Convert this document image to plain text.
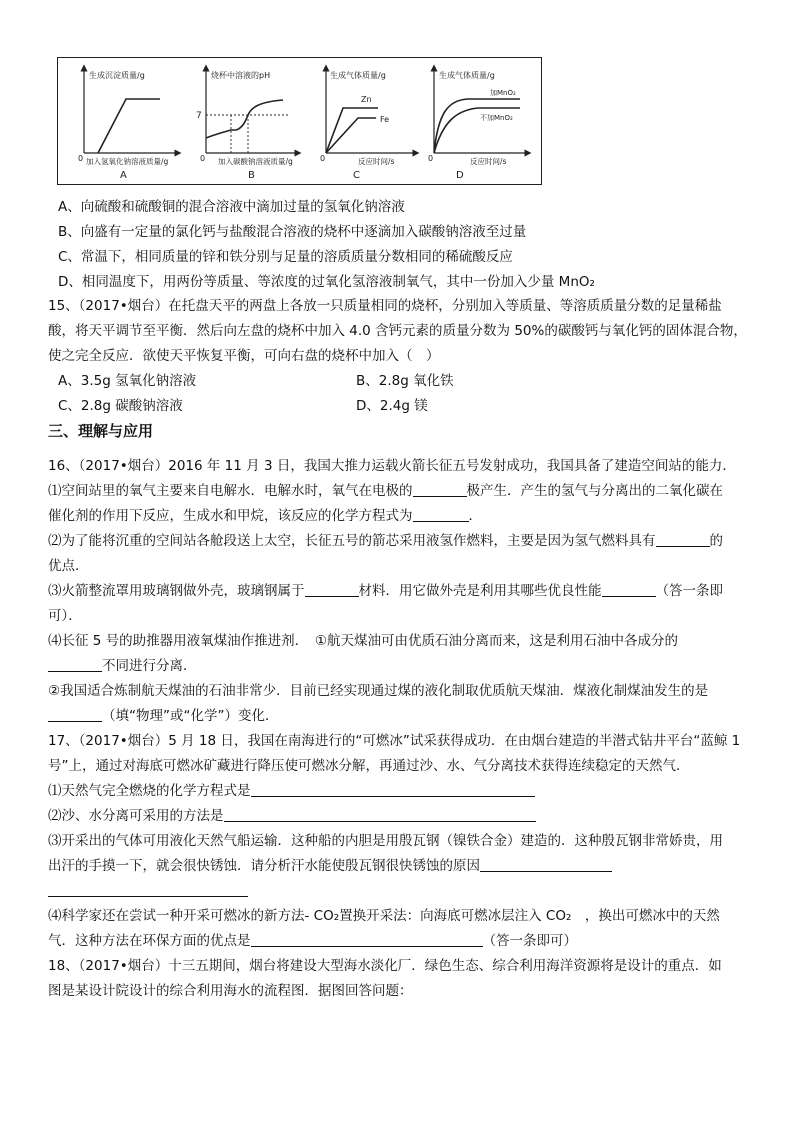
生成沉淀质量/g
0 加入氢氧化钠溶液质量/g
A
烧杯中溶液的pH
7
0 加入碳酸钠溶液质量/g
B
生成气体质量/g
Zn
Fe
0	反应时间/s
C
生成气体质量/g
加MnO₂
不加MnO₂
0	反应时间/s
D
A、向硫酸和硫酸铜的混合溶液中滴加过量的氢氧化钠溶液
B、向盛有一定量的氯化钙与盐酸混合溶液的烧杯中逐滴加入碳酸钠溶液至过量
C、常温下，相同质量的锌和铁分别与足量的溶质质量分数相同的稀硫酸反应
D、相同温度下，用两份等质量、等浓度的过氧化氢溶液制氧气，其中一份加入少量 MnO₂
15、（2017•烟台）在托盘天平的两盘上各放一只质量相同的烧杯，分别加入等质量、等溶质质量分数的足量稀盐
酸，将天平调节至平衡．然后向左盘的烧杯中加入 4.0 含钙元素的质量分数为 50%的碳酸钙与氧化钙的固体混合物，
使之完全反应．欲使天平恢复平衡，可向右盘的烧杯中加入（　）
A、3.5g 氢氧化钠溶液	B、2.8g 氧化铁
C、2.8g 碳酸钠溶液	D、2.4g 镁
三、理解与应用
16、（2017•烟台）2016 年 11 月 3 日，我国大推力运载火箭长征五号发射成功，我国具备了建造空间站的能力．
⑴空间站里的氧气主要来自电解水．电解水时，氧气在电极的	极产生．产生的氢气与分离出的二氧化碳在
催化剂的作用下反应，生成水和甲烷，该反应的化学方程式为	．
⑵为了能将沉重的空间站各舱段送上太空，长征五号的箭芯采用液氢作燃料，主要是因为氢气燃料具有	的
优点．
⑶火箭整流罩用玻璃钢做外壳，玻璃钢属于	材料．用它做外壳是利用其哪些优良性能	（答一条即
可）．
⑷长征 5 号的助推器用液氧煤油作推进剂．　①航天煤油可由优质石油分离而来，这是利用石油中各成分的
不同进行分离．
②我国适合炼制航天煤油的石油非常少．目前已经实现通过煤的液化制取优质航天煤油．煤液化制煤油发生的是
（填“物理”或“化学”）变化．
17、（2017•烟台）5 月 18 日，我国在南海进行的“可燃冰”试采获得成功．在由烟台建造的半潜式钻井平台“蓝鲸 1
号”上，通过对海底可燃冰矿藏进行降压使可燃冰分解，再通过沙、水、气分离技术获得连续稳定的天然气．
⑴天然气完全燃烧的化学方程式是
⑵沙、水分离可采用的方法是
⑶开采出的气体可用液化天然气船运输．这种船的内胆是用殷瓦钢（镍铁合金）建造的．这种殷瓦钢非常娇贵，用
出汗的手摸一下，就会很快锈蚀．请分析汗水能使殷瓦钢很快锈蚀的原因
⑷科学家还在尝试一种开采可燃冰的新方法‐ CO₂置换开采法：向海底可燃冰层注入 CO₂　，换出可燃冰中的天然
气．这种方法在环保方面的优点是	（答一条即可）
18、（2017•烟台）十三五期间，烟台将建设大型海水淡化厂．绿色生态、综合利用海洋资源将是设计的重点．如
图是某设计院设计的综合利用海水的流程图．据图回答问题：
